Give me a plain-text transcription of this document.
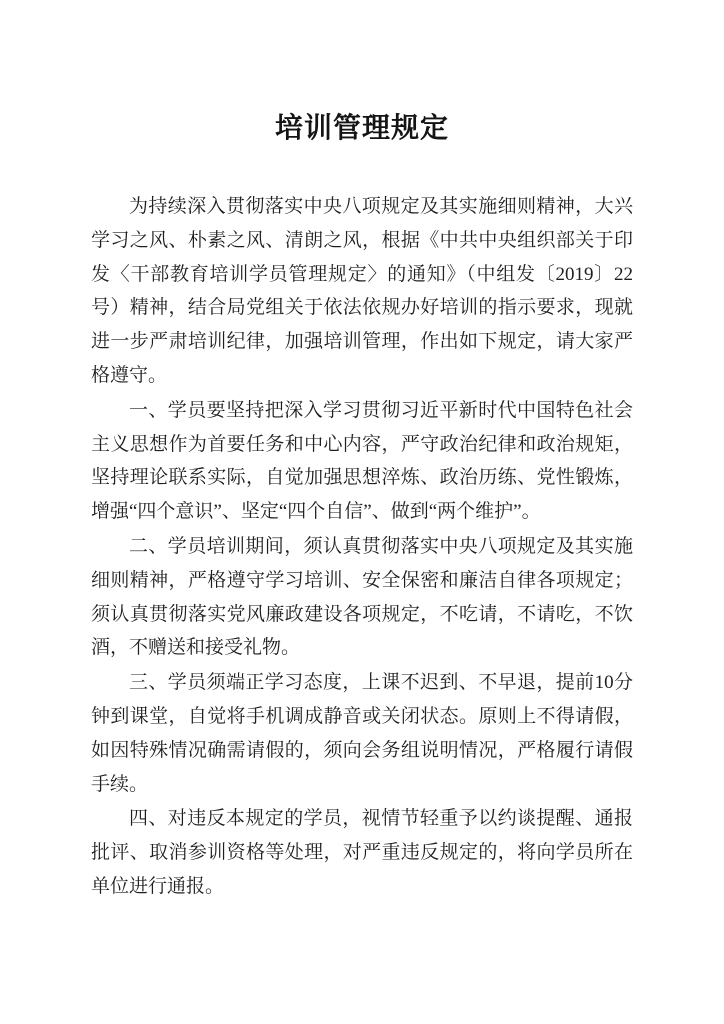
培训管理规定

为持续深入贯彻落实中央八项规定及其实施细则精神，大兴学习之风、朴素之风、清朗之风，根据《中共中央组织部关于印发〈干部教育培训学员管理规定〉的通知》（中组发〔2019〕22号）精神，结合局党组关于依法依规办好培训的指示要求，现就进一步严肃培训纪律，加强培训管理，作出如下规定，请大家严格遵守。

一、学员要坚持把深入学习贯彻习近平新时代中国特色社会主义思想作为首要任务和中心内容，严守政治纪律和政治规矩，坚持理论联系实际，自觉加强思想淬炼、政治历练、党性锻炼，增强“四个意识”、坚定“四个自信”、做到“两个维护”。

二、学员培训期间，须认真贯彻落实中央八项规定及其实施细则精神，严格遵守学习培训、安全保密和廉洁自律各项规定；须认真贯彻落实党风廉政建设各项规定，不吃请，不请吃，不饮酒，不赠送和接受礼物。

三、学员须端正学习态度，上课不迟到、不早退，提前10分钟到课堂，自觉将手机调成静音或关闭状态。原则上不得请假，如因特殊情况确需请假的，须向会务组说明情况，严格履行请假手续。

四、对违反本规定的学员，视情节轻重予以约谈提醒、通报批评、取消参训资格等处理，对严重违反规定的，将向学员所在单位进行通报。
